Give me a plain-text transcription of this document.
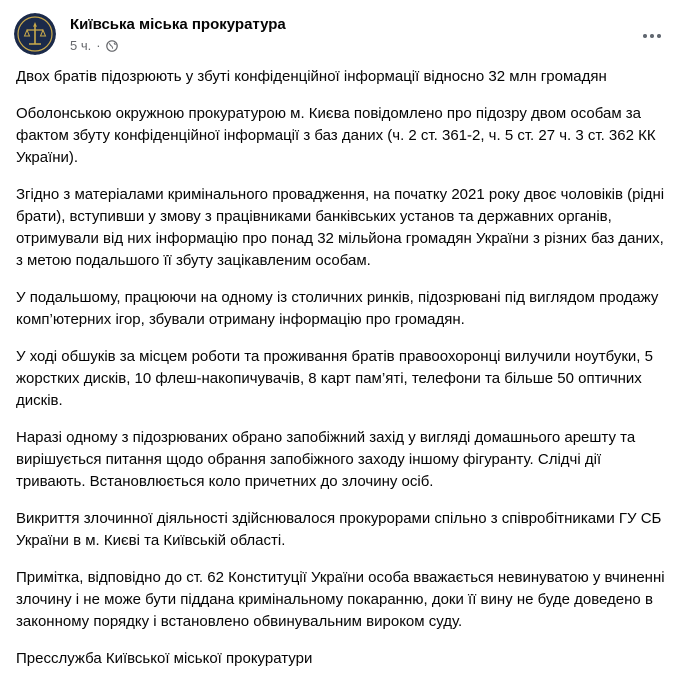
Київська міська прокуратура
5 ч. ·

Двох братів підозрюють у збуті конфіденційної інформації відносно 32 млн громадян

Оболонською окружною прокуратурою м. Києва повідомлено про підозру двом особам за фактом збуту конфіденційної інформації з баз даних (ч. 2 ст. 361-2, ч. 5 ст. 27 ч. 3 ст. 362 КК України).

Згідно з матеріалами кримінального провадження, на початку 2021 року двоє чоловіків (рідні брати), вступивши у змову з працівниками банківських установ та державних органів, отримували від них інформацію про понад 32 мільйона громадян України з різних баз даних, з метою подальшого її збуту зацікавленим особам.

У подальшому, працюючи на одному із столичних ринків, підозрювані під виглядом продажу комп’ютерних ігор, збували отриману інформацію про громадян.

У ході обшуків за місцем роботи та проживання братів правоохоронці вилучили ноутбуки, 5 жорстких дисків, 10 флеш-накопичувачів, 8 карт пам’яті, телефони та більше 50 оптичних дисків.

Наразі одному з підозрюваних обрано запобіжний захід у вигляді домашнього арешту та вирішується питання щодо обрання запобіжного заходу іншому фігуранту. Слідчі дії тривають. Встановлюється коло причетних до злочину осіб.

Викриття злочинної діяльності здійснювалося прокурорами спільно з співробітниками ГУ СБ України в м. Києві та Київській області.

Примітка, відповідно до ст. 62 Конституції України особа вважається невинуватою у вчиненні злочину і не може бути піддана кримінальному покаранню, доки її вину не буде доведено в законному порядку і встановлено обвинувальним вироком суду.

Пресслужба Київської міської прокуратури
